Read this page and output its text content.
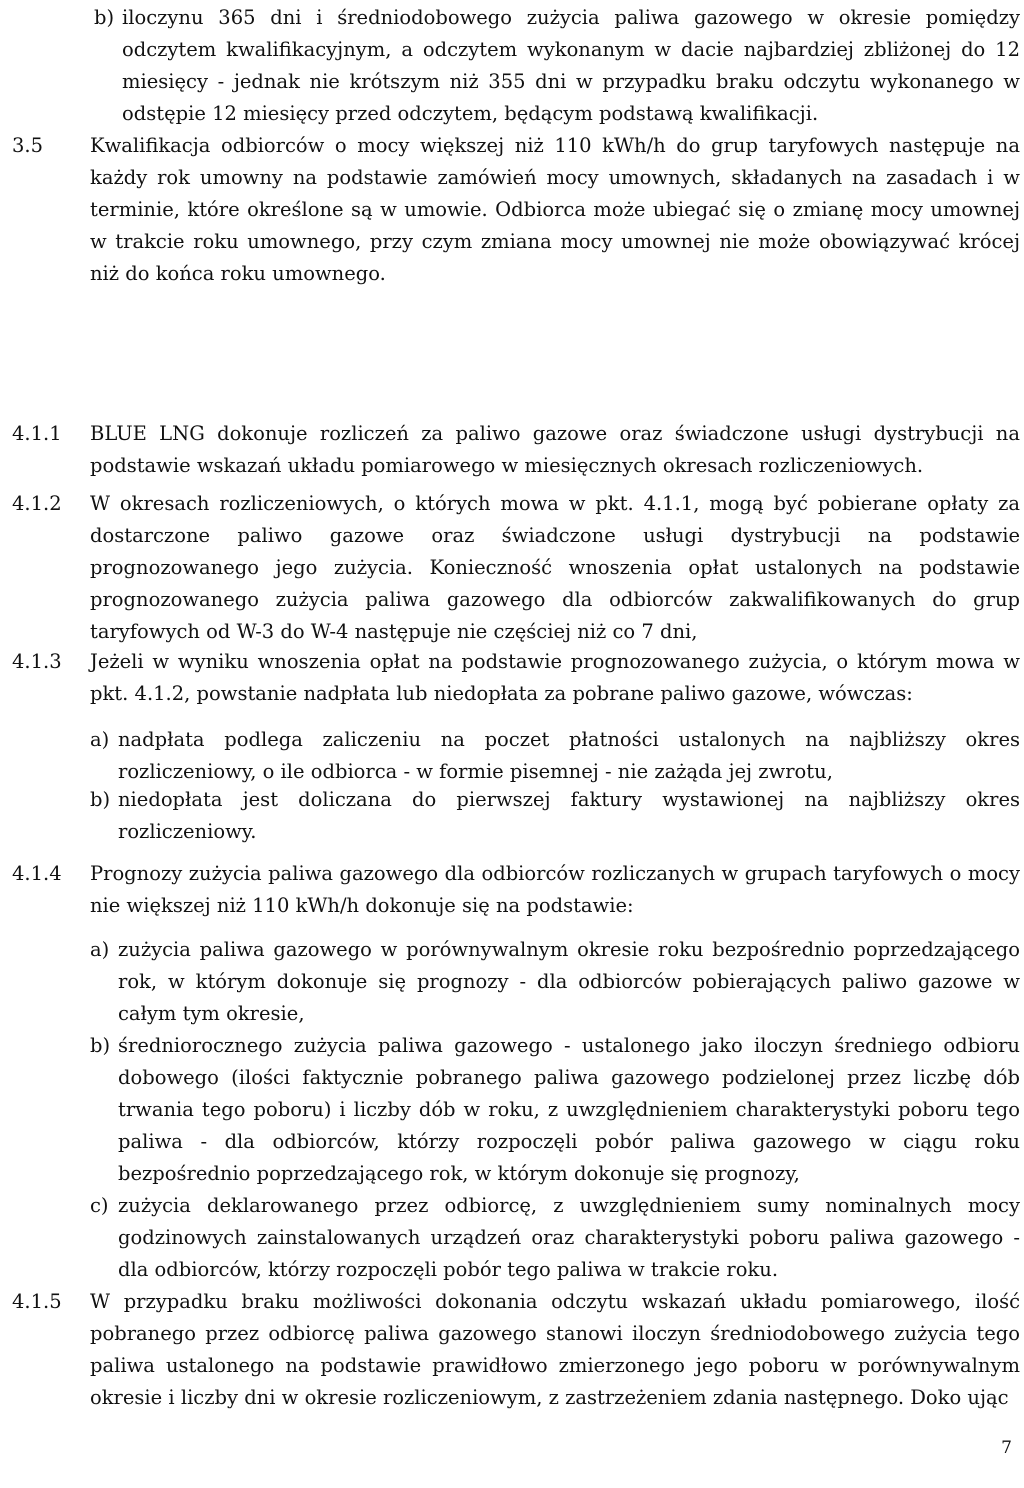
b) iloczynu 365 dni i średniodobowego zużycia paliwa gazowego w okresie pomiędzy odczytem kwalifikacyjnym, a odczytem wykonanym w dacie najbardziej zbliżonej do 12 miesięcy - jednak nie krótszym niż 355 dni w przypadku braku odczytu wykonanego w odstępie 12 miesięcy przed odczytem, będącym podstawą kwalifikacji.
3.5 Kwalifikacja odbiorców o mocy większej niż 110 kWh/h do grup taryfowych następuje na każdy rok umowny na podstawie zamówień mocy umownych, składanych na zasadach i w terminie, które określone są w umowie. Odbiorca może ubiegać się o zmianę mocy umownej w trakcie roku umownego, przy czym zmiana mocy umownej nie może obowiązywać krócej niż do końca roku umownego.
4.1.1 BLUE LNG dokonuje rozliczeń za paliwo gazowe oraz świadczone usługi dystrybucji na podstawie wskazań układu pomiarowego w miesięcznych okresach rozliczeniowych.
4.1.2 W okresach rozliczeniowych, o których mowa w pkt. 4.1.1, mogą być pobierane opłaty za dostarczone paliwo gazowe oraz świadczone usługi dystrybucji na podstawie prognozowanego jego zużycia. Konieczność wnoszenia opłat ustalonych na podstawie prognozowanego zużycia paliwa gazowego dla odbiorców zakwalifikowanych do grup taryfowych od W-3 do W-4 następuje nie częściej niż co 7 dni,
4.1.3 Jeżeli w wyniku wnoszenia opłat na podstawie prognozowanego zużycia, o którym mowa w pkt. 4.1.2, powstanie nadpłata lub niedopłata za pobrane paliwo gazowe, wówczas:
a) nadpłata podlega zaliczeniu na poczet płatności ustalonych na najbliższy okres rozliczeniowy, o ile odbiorca - w formie pisemnej - nie zażąda jej zwrotu,
b) niedopłata jest doliczana do pierwszej faktury wystawionej na najbliższy okres rozliczeniowy.
4.1.4 Prognozy zużycia paliwa gazowego dla odbiorców rozliczanych w grupach taryfowych o mocy nie większej niż 110 kWh/h dokonuje się na podstawie:
a) zużycia paliwa gazowego w porównywalnym okresie roku bezpośrednio poprzedzającego rok, w którym dokonuje się prognozy - dla odbiorców pobierających paliwo gazowe w całym tym okresie,
b) średniorocznego zużycia paliwa gazowego - ustalonego jako iloczyn średniego odbioru dobowego (ilości faktycznie pobranego paliwa gazowego podzielonej przez liczbę dób trwania tego poboru) i liczby dób w roku, z uwzględnieniem charakterystyki poboru tego paliwa - dla odbiorców, którzy rozpoczęli pobór paliwa gazowego w ciągu roku bezpośrednio poprzedzającego rok, w którym dokonuje się prognozy,
c) zużycia deklarowanego przez odbiorcę, z uwzględnieniem sumy nominalnych mocy godzinowych zainstalowanych urządzeń oraz charakterystyki poboru paliwa gazowego - dla odbiorców, którzy rozpoczęli pobór tego paliwa w trakcie roku.
4.1.5 W przypadku braku możliwości dokonania odczytu wskazań układu pomiarowego, ilość pobranego przez odbiorcę paliwa gazowego stanowi iloczyn średniodobowego zużycia tego paliwa ustalonego na podstawie prawidłowo zmierzonego jego poboru w porównywalnym okresie i liczby dni w okresie rozliczeniowym, z zastrzeżeniem zdania następnego. Doko ując
7
